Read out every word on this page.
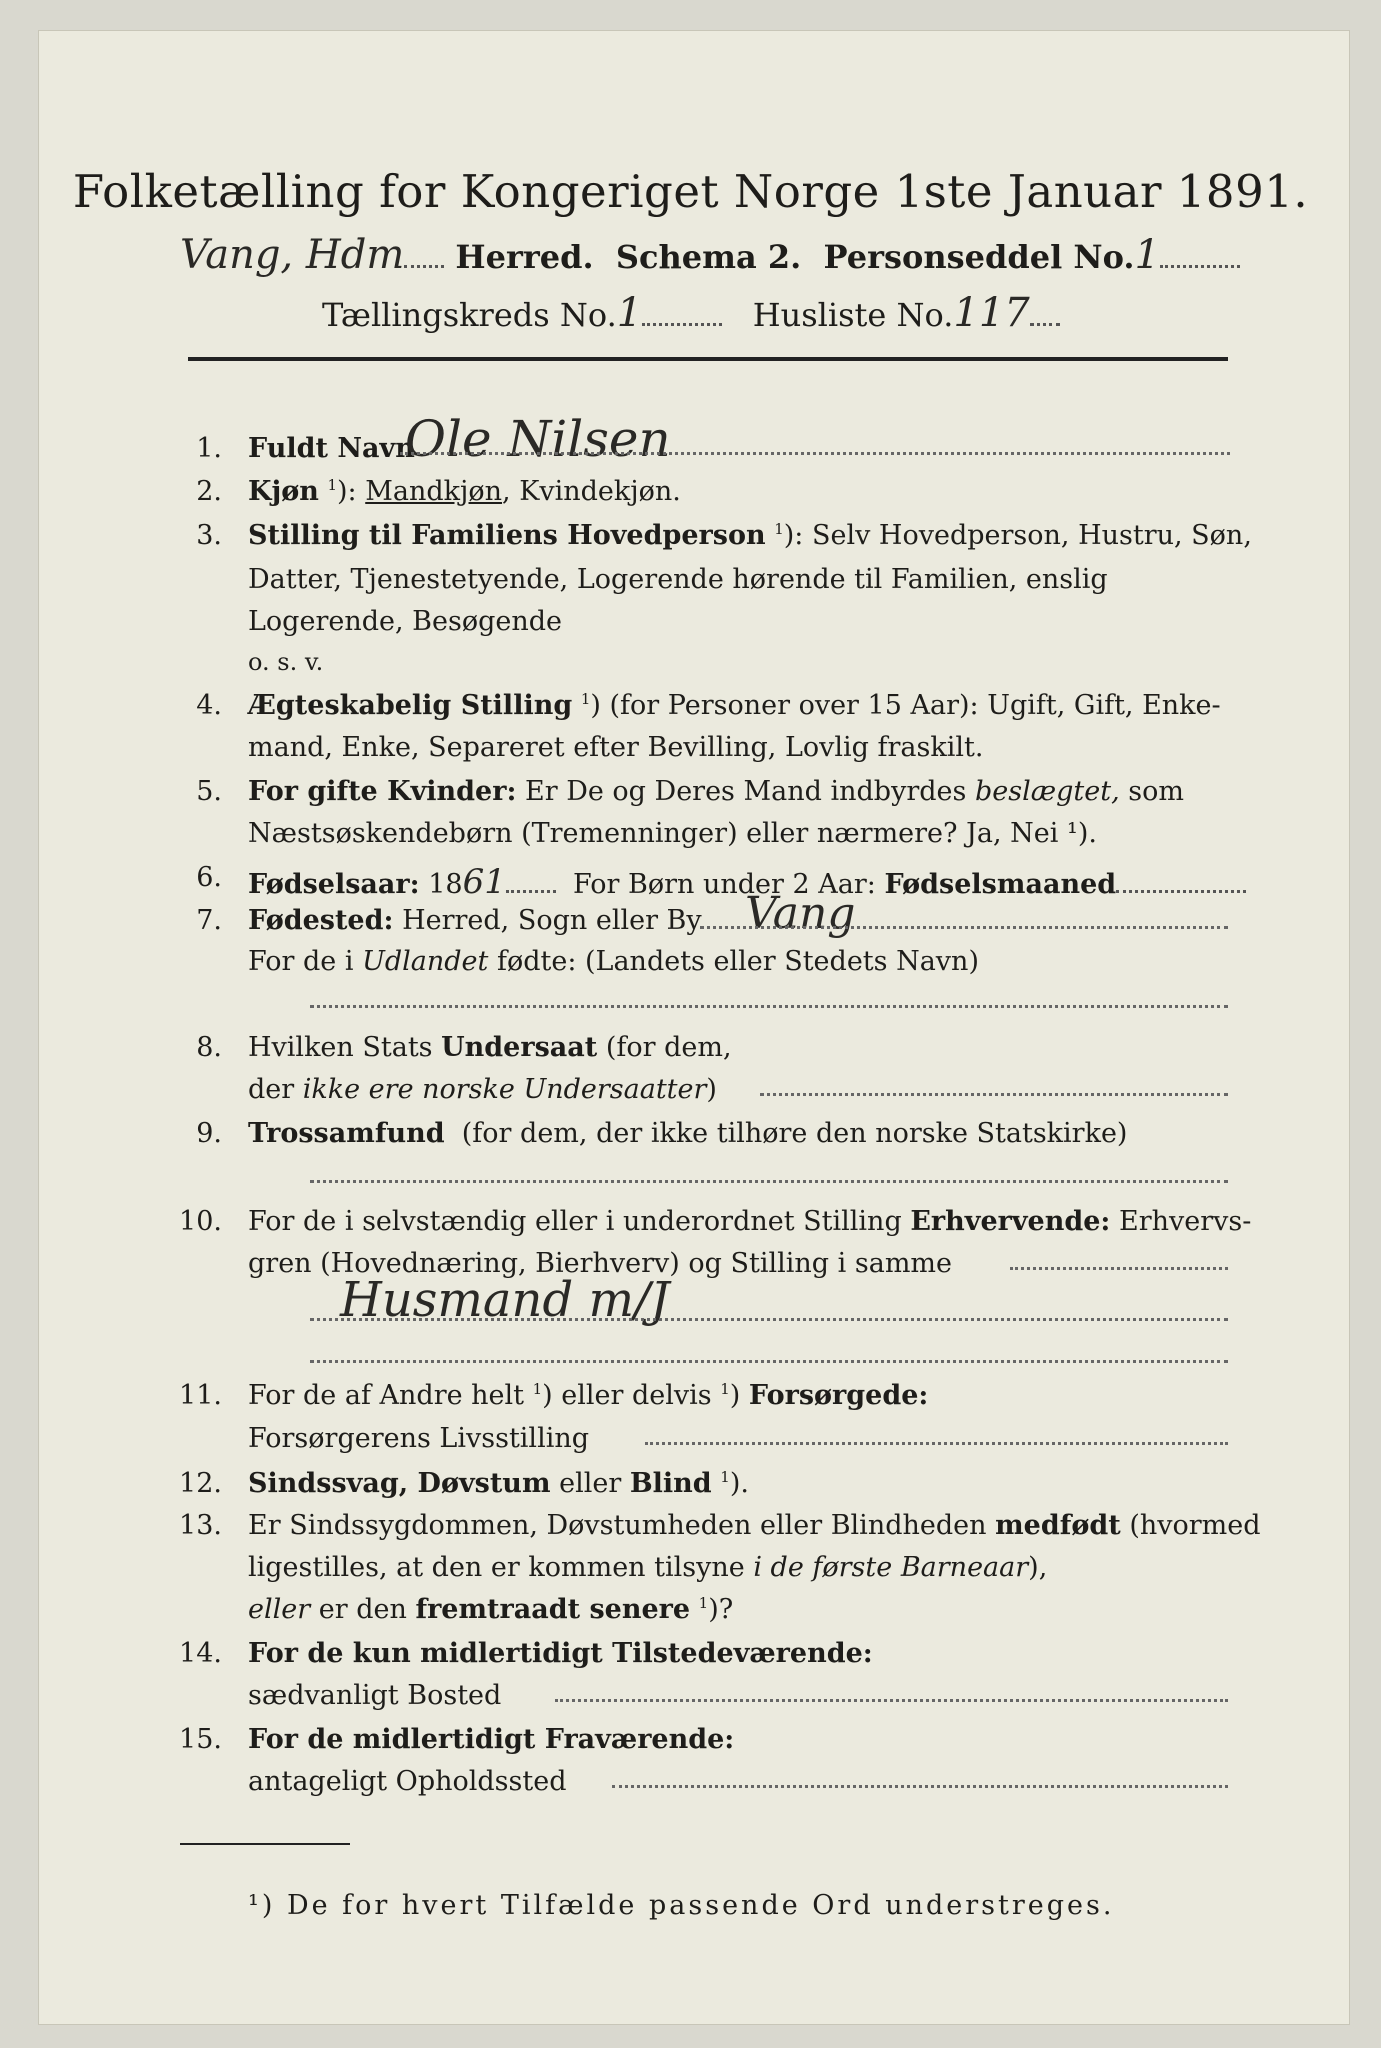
Folketælling for Kongeriget Norge 1ste Januar 1891.
Vang, Hdm Herred. Schema 2. Personseddel No.1
Tællingskreds No.1	Husliste No.117
1. Fuldt Navn
Ole Nilsen
2. Kjøn $^1$): Mandkjøn, Kvindekjøn.
3. Stilling til Familiens Hovedperson $^1$): Selv Hovedperson, Hustru, Søn,
Datter, Tjenestetyende, Logerende hørende til Familien, enslig
Logerende, Besøgende
o. s. v.
4. Ægteskabelig Stilling $^1$) (for Personer over 15 Aar): Ugift, Gift, Enke-
mand, Enke, Separeret efter Bevilling, Lovlig fraskilt.
5. For gifte Kvinder: Er De og Deres Mand indbyrdes beslægtet, som
Næstsøskendebørn (Tremenninger) eller nærmere? Ja, Nei ¹).
6. Fødselsaar: 1861 For Børn under 2 Aar: Fødselsmaaned
7. Fødested: Herred, Sogn eller By Vang
For de i Udlandet fødte: (Landets eller Stedets Navn)
8. Hvilken Stats Undersaat (for dem,
der ikke ere norske Undersaatter)
9. Trossamfund (for dem, der ikke tilhøre den norske Statskirke)
10. For de i selvstændig eller i underordnet Stilling Erhvervende: Erhvervs-
gren (Hovednæring, Bierhverv) og Stilling i samme
Husmand m/J
11. For de af Andre helt $^1$) eller delvis $^1$) Forsørgede:
Forsørgerens Livsstilling
12. Sindssvag, Døvstum eller Blind $^1$).
13. Er Sindssygdommen, Døvstumheden eller Blindheden medfødt (hvormed
ligestilles, at den er kommen tilsyne i de første Barneaar),
eller er den fremtraadt senere $^1$)?
14. For de kun midlertidigt Tilstedeværende:
sædvanligt Bosted
15. For de midlertidigt Fraværende:
antageligt Opholdssted
¹) De for hvert Tilfælde passende Ord understreges.
